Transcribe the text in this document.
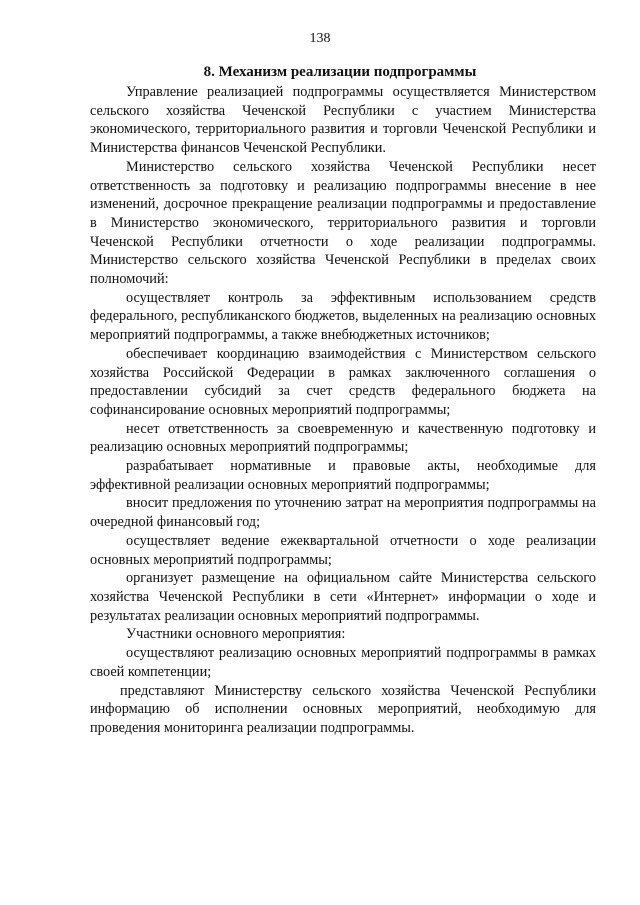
138
8. Механизм реализации подпрограммы

Управление реализацией подпрограммы осуществляется Министерством сельского хозяйства Чеченской Республики с участием Министерства экономического, территориального развития и торговли Чеченской Республики и Министерства финансов Чеченской Республики.

Министерство сельского хозяйства Чеченской Республики несет ответственность за подготовку и реализацию подпрограммы внесение в нее изменений, досрочное прекращение реализации подпрограммы и предоставление в Министерство экономического, территориального развития и торговли Чеченской Республики отчетности о ходе реализации подпрограммы. Министерство сельского хозяйства Чеченской Республики в пределах своих полномочий:

осуществляет контроль за эффективным использованием средств федерального, республиканского бюджетов, выделенных на реализацию основных мероприятий подпрограммы, а также внебюджетных источников;

обеспечивает координацию взаимодействия с Министерством сельского хозяйства Российской Федерации в рамках заключенного соглашения о предоставлении субсидий за счет средств федерального бюджета на софинансирование основных мероприятий подпрограммы;

несет ответственность за своевременную и качественную подготовку и реализацию основных мероприятий подпрограммы;

разрабатывает нормативные и правовые акты, необходимые для эффективной реализации основных мероприятий подпрограммы;

вносит предложения по уточнению затрат на мероприятия подпрограммы на очередной финансовый год;

осуществляет ведение ежеквартальной отчетности о ходе реализации основных мероприятий подпрограммы;

организует размещение на официальном сайте Министерства сельского хозяйства Чеченской Республики в сети «Интернет» информации о ходе и результатах реализации основных мероприятий подпрограммы.

Участники основного мероприятия:

осуществляют реализацию основных мероприятий подпрограммы в рамках своей компетенции;

представляют Министерству сельского хозяйства Чеченской Республики информацию об исполнении основных мероприятий, необходимую для проведения мониторинга реализации подпрограммы.
